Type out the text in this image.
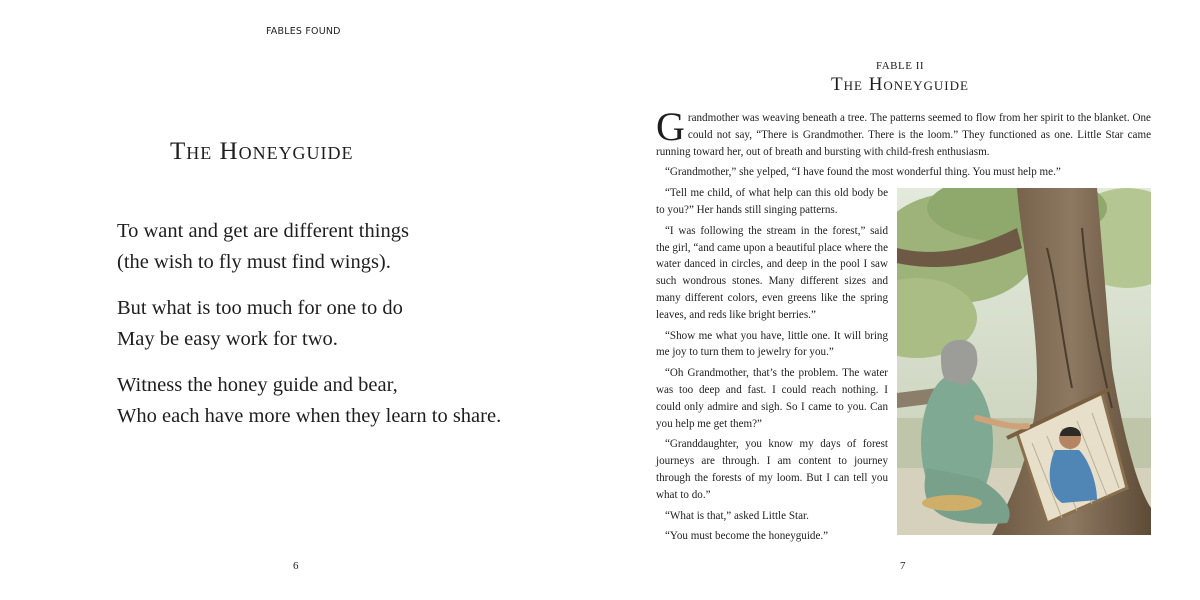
FABLES FOUND
The Honeyguide
To want and get are different things
(the wish to fly must find wings).
But what is too much for one to do
May be easy work for two.
Witness the honey guide and bear,
Who each have more when they learn to share.
6
FABLE II
The Honeyguide

Grandmother was weaving beneath a tree. The patterns seemed to flow from her spirit to the blanket. One could not say, “There is Grandmother. There is the loom.” They functioned as one. Little Star came running toward her, out of breath and bursting with child-fresh enthusiasm.

“Grandmother,” she yelped, “I have found the most wonderful thing. You must help me.”

“Tell me child, of what help can this old body be to you?” Her hands still singing patterns.

“I was following the stream in the forest,” said the girl, “and came upon a beautiful place where the water danced in circles, and deep in the pool I saw such wondrous stones. Many different sizes and many different colors, even greens like the spring leaves, and reds like bright berries.”

“Show me what you have, little one. It will bring me joy to turn them to jewelry for you.”

“Oh Grandmother, that’s the problem. The water was too deep and fast. I could reach nothing. I could only admire and sigh. So I came to you. Can you help me get them?”

“Granddaughter, you know my days of forest journeys are through. I am content to journey through the forests of my loom. But I can tell you what to do.”

“What is that,” asked Little Star.

“You must become the honeyguide.”

7
